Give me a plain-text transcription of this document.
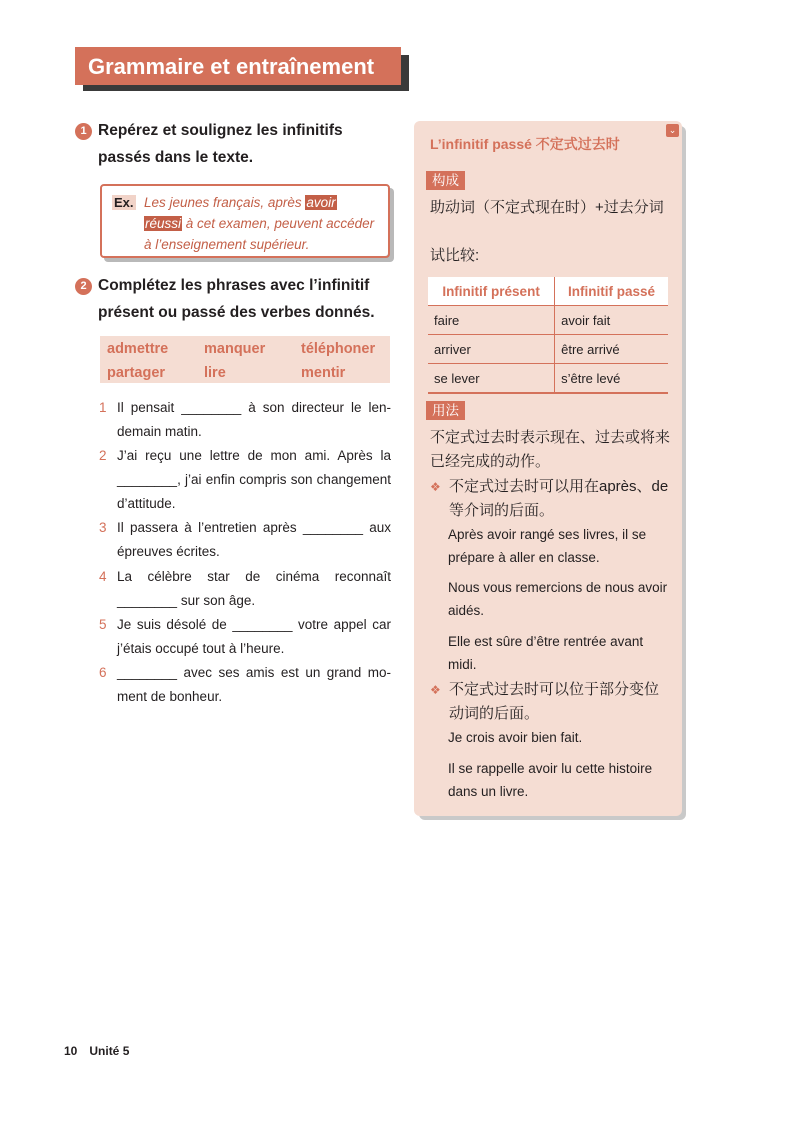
Grammaire et entraînement
1 Repérez et soulignez les infinitifs passés dans le texte.
Ex. Les jeunes français, après avoir
réussi à cet examen, peuvent accéder à l’enseignement supérieur.
2 Complétez les phrases avec l’infinitif présent ou passé des verbes donnés.
admettre manquer téléphoner
partager	lire	mentir
1 Il pensait ________ à son directeur le lendemain matin.
2 J’ai reçu une lettre de mon ami. Après la ________, j’ai enfin compris son changement d’attitude.
3 Il passera à l’entretien après ________ aux épreuves écrites.
4 La célèbre star de cinéma reconnaît ________ sur son âge.
5 Je suis désolé de ________ votre appel car j’étais occupé tout à l’heure.
6 ________ avec ses amis est un grand moment de bonheur.
L’infinitif passé 不定式过去时
⌄
构成
助动词（不定式现在时）+过去分词
试比较:
Infinitif présent	Infinitif passé
faire	avoir fait
arriver	être arrivé
se lever	s’être levé
用法
不定式过去时表示现在、过去或将来已经完成的动作。
❖ 不定式过去时可以用在après、de等介词的后面。
Après avoir rangé ses livres, il se prépare à aller en classe.
Nous vous remercions de nous avoir aidés.
Elle est sûre d’être rentrée avant midi.
❖ 不定式过去时可以位于部分变位动词的后面。
Je crois avoir bien fait.
Il se rappelle avoir lu cette histoire dans un livre.
10 Unité 5
